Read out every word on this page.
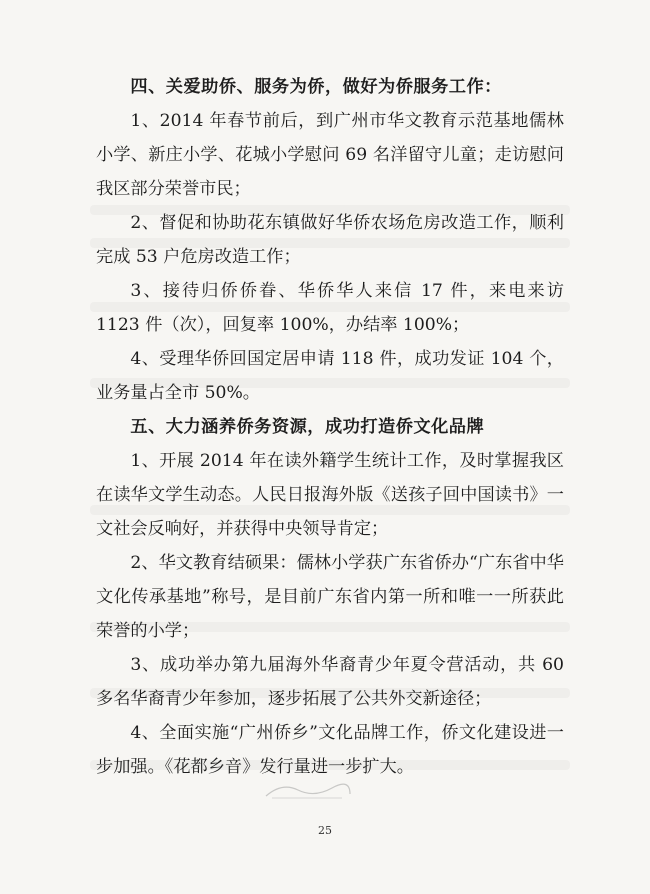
四、关爱助侨、服务为侨，做好为侨服务工作：

1、2014 年春节前后，到广州市华文教育示范基地儒林小学、新庄小学、花城小学慰问 69 名洋留守儿童；走访慰问我区部分荣誉市民；

2、督促和协助花东镇做好华侨农场危房改造工作，顺利完成 53 户危房改造工作；

3、接待归侨侨眷、华侨华人来信 17 件，来电来访 1123 件（次），回复率 100%，办结率 100%；

4、受理华侨回国定居申请 118 件，成功发证 104 个，业务量占全市 50%。

五、大力涵养侨务资源，成功打造侨文化品牌

1、开展 2014 年在读外籍学生统计工作，及时掌握我区在读华文学生动态。人民日报海外版《送孩子回中国读书》一文社会反响好，并获得中央领导肯定；

2、华文教育结硕果：儒林小学获广东省侨办“广东省中华文化传承基地”称号，是目前广东省内第一所和唯一一所获此荣誉的小学；

3、成功举办第九届海外华裔青少年夏令营活动，共 60 多名华裔青少年参加，逐步拓展了公共外交新途径；

4、全面实施“广州侨乡”文化品牌工作，侨文化建设进一步加强。《花都乡音》发行量进一步扩大。

25
